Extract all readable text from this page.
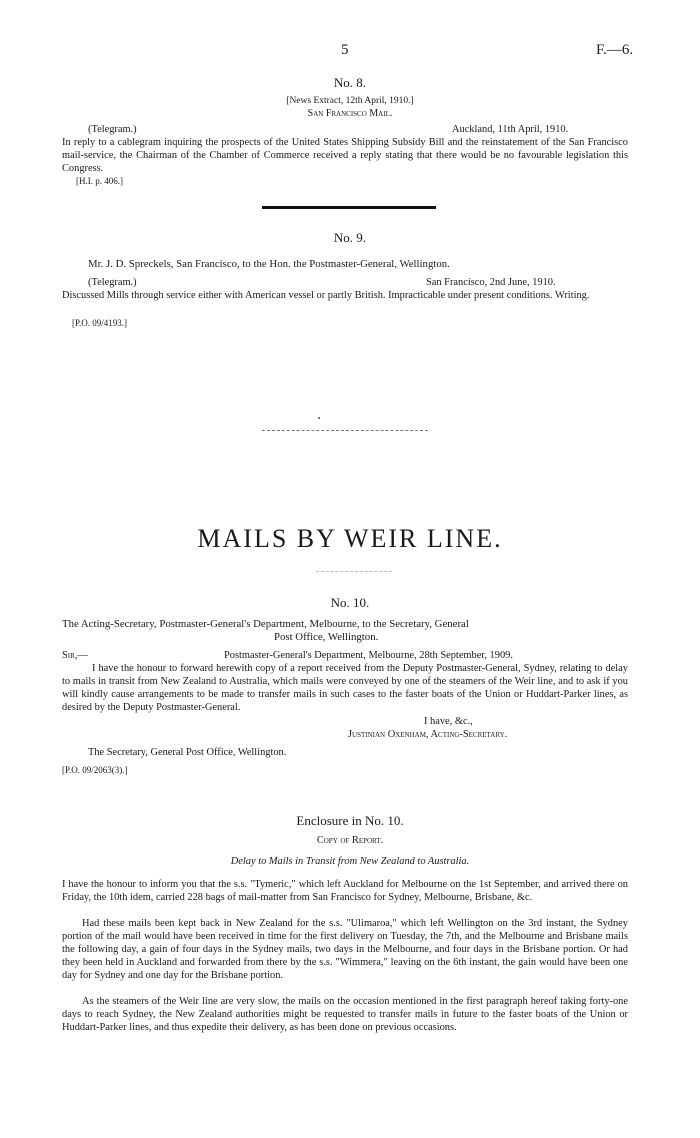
5	F.—6.
No. 8.
[News Extract, 12th April, 1910.]
San Francisco Mail.
(Telegram.)	Auckland, 11th April, 1910.
In reply to a cablegram inquiring the prospects of the United States Shipping Subsidy Bill and the reinstatement of the San Francisco mail-service, the Chairman of the Chamber of Commerce received a reply stating that there would be no favourable legislation this Congress.
[H.I. p. 406.]
No. 9.
Mr. J. D. Spreckels, San Francisco, to the Hon. the Postmaster-General, Wellington.
(Telegram.)	San Francisco, 2nd June, 1910.
Discussed Mills through service either with American vessel or partly British. Impracticable under present conditions. Writing.
[P.O. 09/4193.]
MAILS BY WEIR LINE.
No. 10.
The Acting-Secretary, Postmaster-General's Department, Melbourne, to the Secretary, General
Post Office, Wellington.
Sir,—	Postmaster-General's Department, Melbourne, 28th September, 1909.
I have the honour to forward herewith copy of a report received from the Deputy Postmaster-General, Sydney, relating to delay to mails in transit from New Zealand to Australia, which mails were conveyed by one of the steamers of the Weir line, and to ask if you will kindly cause arrangements to be made to transfer mails in such cases to the faster boats of the Union or Huddart-Parker lines, as desired by the Deputy Postmaster-General.
I have, &c.,
Justinian Oxenham, Acting-Secretary.
The Secretary, General Post Office, Wellington.
[P.O. 09/2063(3).]
Enclosure in No. 10.
Copy of Report.
Delay to Mails in Transit from New Zealand to Australia.
I have the honour to inform you that the s.s. "Tymeric," which left Auckland for Melbourne on the 1st September, and arrived there on Friday, the 10th idem, carried 228 bags of mail-matter from San Francisco for Sydney, Melbourne, Brisbane, &c.
Had these mails been kept back in New Zealand for the s.s. "Ulimaroa," which left Wellington on the 3rd instant, the Sydney portion of the mail would have been received in time for the first delivery on Tuesday, the 7th, and the Melbourne and Brisbane mails the following day, a gain of four days in the Sydney mails, two days in the Melbourne, and four days in the Brisbane portion. Or had they been held in Auckland and forwarded from there by the s.s. "Wimmera," leaving on the 6th instant, the gain would have been one day for Sydney and one day for the Brisbane portion.
As the steamers of the Weir line are very slow, the mails on the occasion mentioned in the first paragraph hereof taking forty-one days to reach Sydney, the New Zealand authorities might be requested to transfer mails in future to the faster boats of the Union or Huddart-Parker lines, and thus expedite their delivery, as has been done on previous occasions.
